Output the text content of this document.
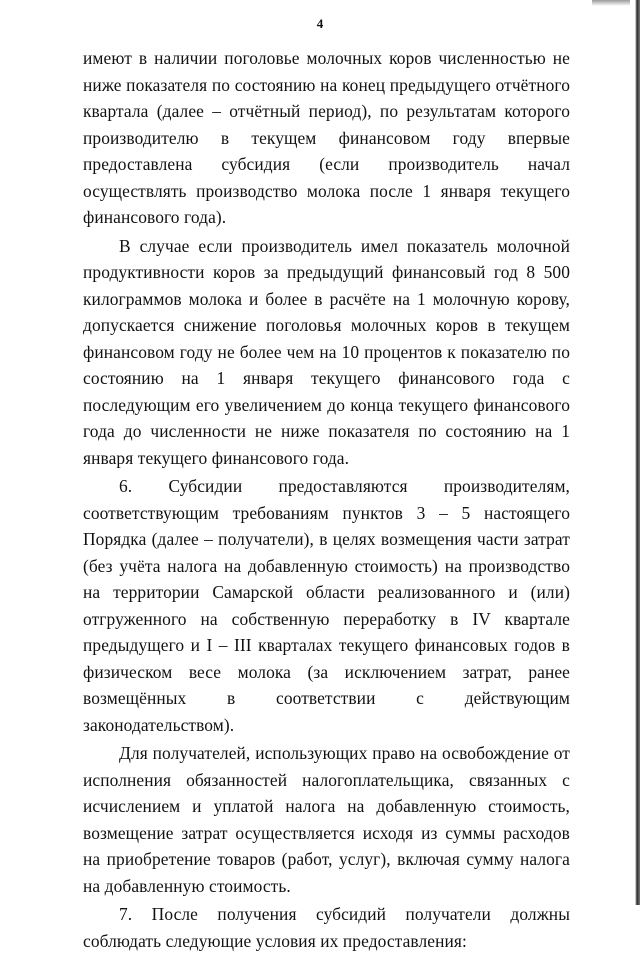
4

имеют в наличии поголовье молочных коров численностью не ниже показателя по состоянию на конец предыдущего отчётного квартала (далее – отчётный период), по результатам которого производителю в текущем финансовом году впервые предоставлена субсидия (если производитель начал осуществлять производство молока после 1 января текущего финансового года).

В случае если производитель имел показатель молочной продуктивности коров за предыдущий финансовый год 8 500 килограммов молока и более в расчёте на 1 молочную корову, допускается снижение поголовья молочных коров в текущем финансовом году не более чем на 10 процентов к показателю по состоянию на 1 января текущего финансового года с последующим его увеличением до конца текущего финансового года до численности не ниже показателя по состоянию на 1 января текущего финансового года.

6. Субсидии предоставляются производителям, соответствующим требованиям пунктов 3 – 5 настоящего Порядка (далее – получатели), в целях возмещения части затрат (без учёта налога на добавленную стоимость) на производство на территории Самарской области реализованного и (или) отгруженного на собственную переработку в IV квартале предыдущего и I – III кварталах текущего финансовых годов в физическом весе молока (за исключением затрат, ранее возмещённых в соответствии с действующим законодательством).

Для получателей, использующих право на освобождение от исполнения обязанностей налогоплательщика, связанных с исчислением и уплатой налога на добавленную стоимость, возмещение затрат осуществляется исходя из суммы расходов на приобретение товаров (работ, услуг), включая сумму налога на добавленную стоимость.

7. После получения субсидий получатели должны соблюдать следующие условия их предоставления:
